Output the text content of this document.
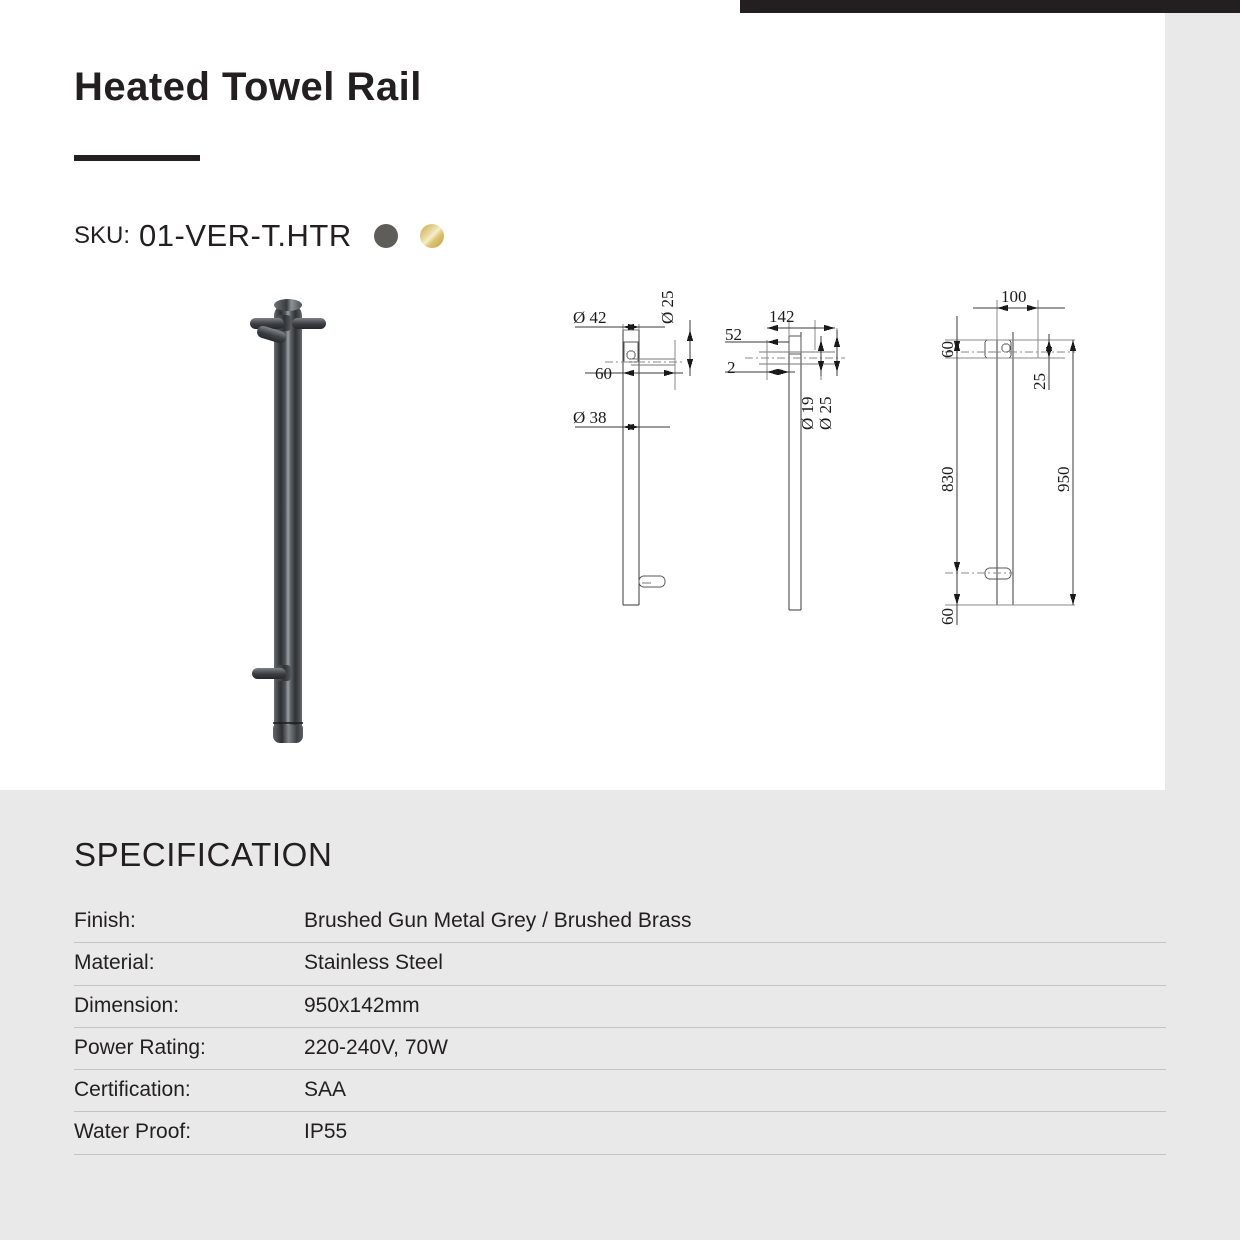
Heated Towel Rail
SKU: 01-VER-T.HTR
Ø 42
60
Ø 38
Ø 25	142
52
2
Ø 19 Ø 25
100
60
25
830	950
60
SPECIFICATION
Finish:	Brushed Gun Metal Grey / Brushed Brass
Material:	Stainless Steel
Dimension:	950x142mm
Power Rating:	220-240V, 70W
Certification:	SAA
Water Proof:	IP55
